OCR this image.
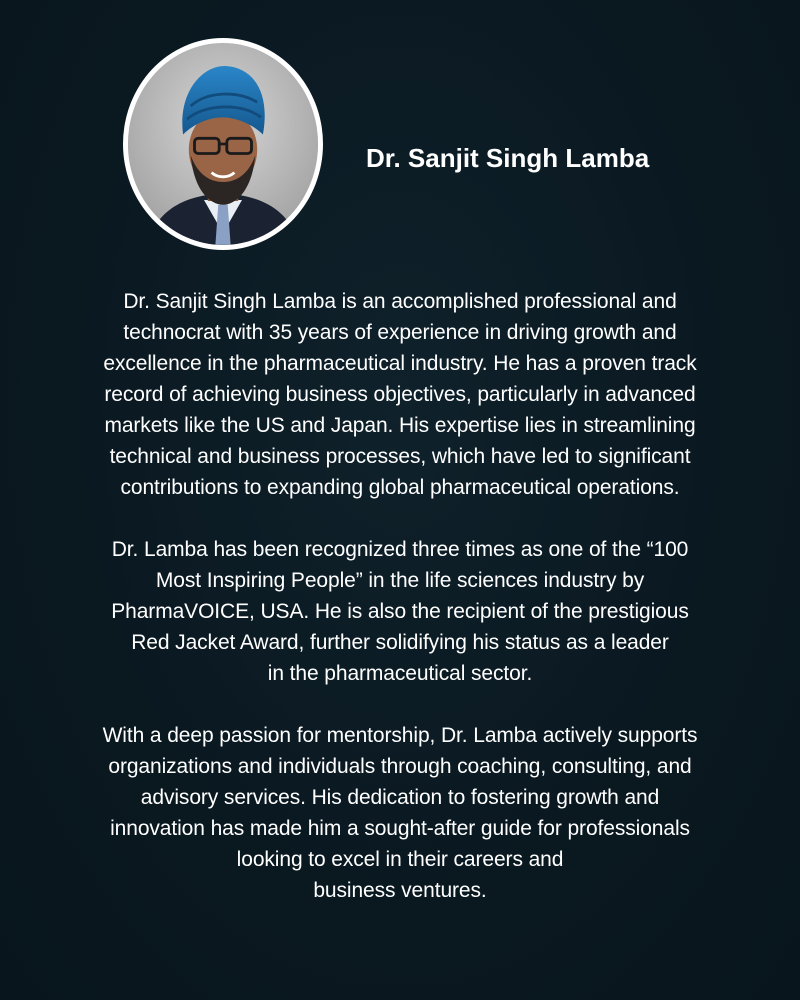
Dr. Sanjit Singh Lamba

Dr. Sanjit Singh Lamba is an accomplished professional and
technocrat with 35 years of experience in driving growth and
excellence in the pharmaceutical industry. He has a proven track
record of achieving business objectives, particularly in advanced
markets like the US and Japan. His expertise lies in streamlining
technical and business processes, which have led to significant
contributions to expanding global pharmaceutical operations.

Dr. Lamba has been recognized three times as one of the “100
Most Inspiring People” in the life sciences industry by
PharmaVOICE, USA. He is also the recipient of the prestigious
Red Jacket Award, further solidifying his status as a leader
in the pharmaceutical sector.

With a deep passion for mentorship, Dr. Lamba actively supports
organizations and individuals through coaching, consulting, and
advisory services. His dedication to fostering growth and
innovation has made him a sought-after guide for professionals
looking to excel in their careers and
business ventures.
